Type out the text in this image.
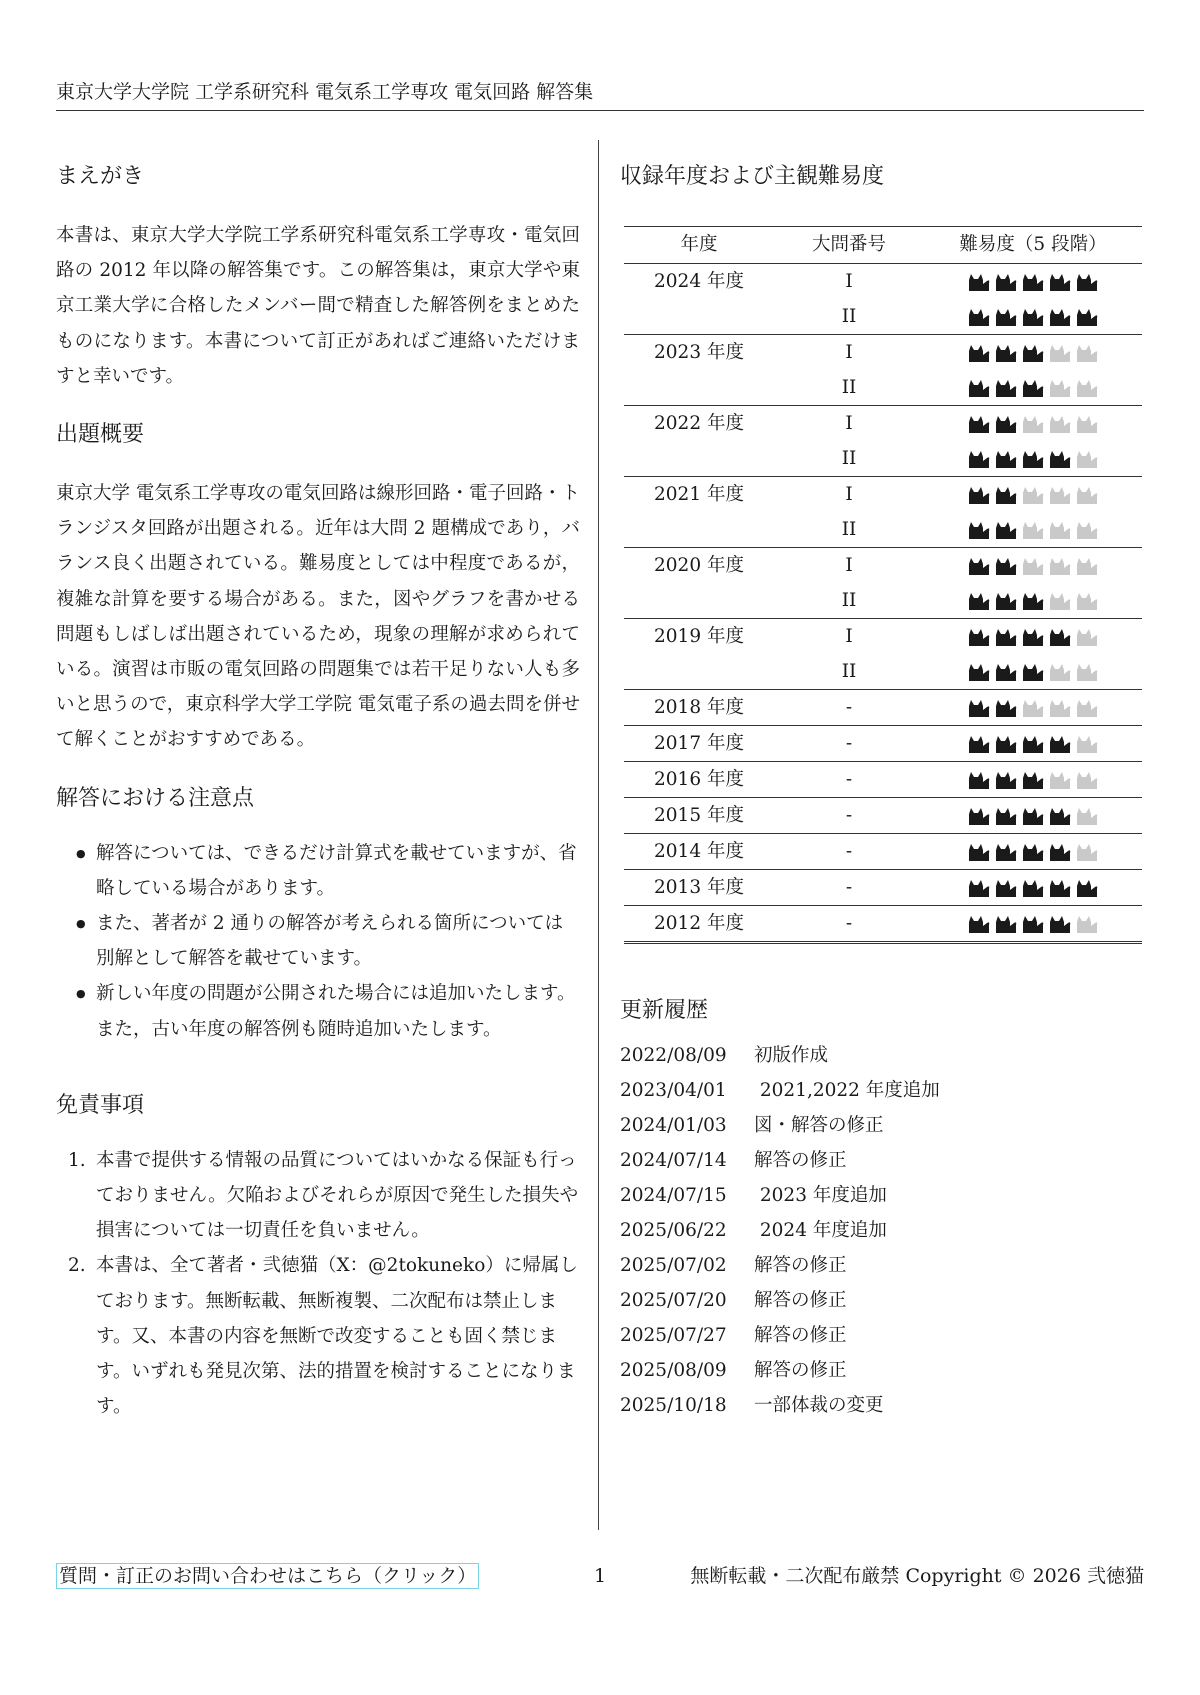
東京大学大学院 工学系研究科 電気系工学専攻 電気回路 解答集
まえがき

本書は、東京大学大学院工学系研究科電気系工学専攻・電気回路の 2012 年以降の解答集です。この解答集は，東京大学や東京工業大学に合格したメンバー間で精査した解答例をまとめたものになります。本書について訂正があればご連絡いただけますと幸いです。

出題概要

東京大学 電気系工学専攻の電気回路は線形回路・電子回路・トランジスタ回路が出題される。近年は大問 2 題構成であり，バランス良く出題されている。難易度としては中程度であるが，複雑な計算を要する場合がある。また，図やグラフを書かせる問題もしばしば出題されているため，現象の理解が求められている。演習は市販の電気回路の問題集では若干足りない人も多いと思うので，東京科学大学工学院 電気電子系の過去問を併せて解くことがおすすめである。

解答における注意点
● 解答については、できるだけ計算式を載せていますが、省略している場合があります。
● また、著者が 2 通りの解答が考えられる箇所については別解として解答を載せています。
● 新しい年度の問題が公開された場合には追加いたします。また，古い年度の解答例も随時追加いたします。
免責事項
1. 本書で提供する情報の品質についてはいかなる保証も行っておりません。欠陥およびそれらが原因で発生した損失や損害については一切責任を負いません。
2. 本書は、全て著者・弐徳猫（X：@2tokuneko）に帰属しております。無断転載、無断複製、二次配布は禁止します。又、本書の内容を無断で改変することも固く禁じます。いずれも発見次第、法的措置を検討することになります。
収録年度および主観難易度
年度	大問番号	難易度（5 段階）
2024 年度	I	

	II	

2023 年度	I	

	II	

2022 年度	I	

	II	

2021 年度	I	

	II	

2020 年度	I	

	II	

2019 年度	I	

	II	

2018 年度	-	

2017 年度	-	

2016 年度	-	

2015 年度	-	

2014 年度	-	

2013 年度	-	

2012 年度	-	
更新履歴
2022/08/09	初版作成
2023/04/01	2021,2022 年度追加
2024/01/03	図・解答の修正
2024/07/14	解答の修正
2024/07/15	2023 年度追加
2025/06/22	2024 年度追加
2025/07/02	解答の修正
2025/07/20	解答の修正
2025/07/27	解答の修正
2025/08/09	解答の修正
2025/10/18	一部体裁の変更
質問・訂正のお問い合わせはこちら（クリック）	1	無断転載・二次配布厳禁 Copyright © 2026 弐徳猫
